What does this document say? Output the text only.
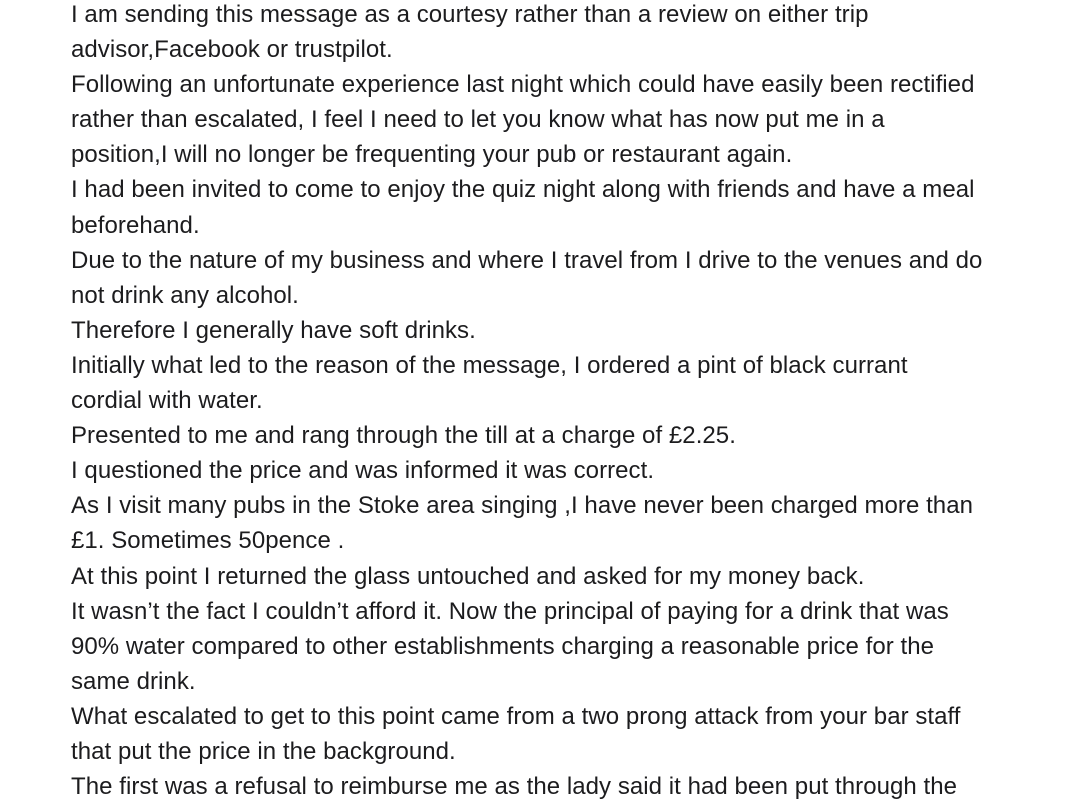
I am sending this message as a courtesy rather than a review on either trip
advisor,Facebook or trustpilot.
Following an unfortunate experience last night which could have easily been rectified
rather than escalated, I feel I need to let you know what has now put me in a
position,I will no longer be frequenting your pub or restaurant again.
I had been invited to come to enjoy the quiz night along with friends and have a meal
beforehand.
Due to the nature of my business and where I travel from I drive to the venues and do
not drink any alcohol.
Therefore I generally have soft drinks.
Initially what led to the reason of the message, I ordered a pint of black currant
cordial with water.
Presented to me and rang through the till at a charge of £2.25.
I questioned the price and was informed it was correct.
As I visit many pubs in the Stoke area singing ,I have never been charged more than
£1. Sometimes 50pence .
At this point I returned the glass untouched and asked for my money back.
It wasn’t the fact I couldn’t afford it. Now the principal of paying for a drink that was
90% water compared to other establishments charging a reasonable price for the
same drink.
What escalated to get to this point came from a two prong attack from your bar staff
that put the price in the background.
The first was a refusal to reimburse me as the lady said it had been put through the
